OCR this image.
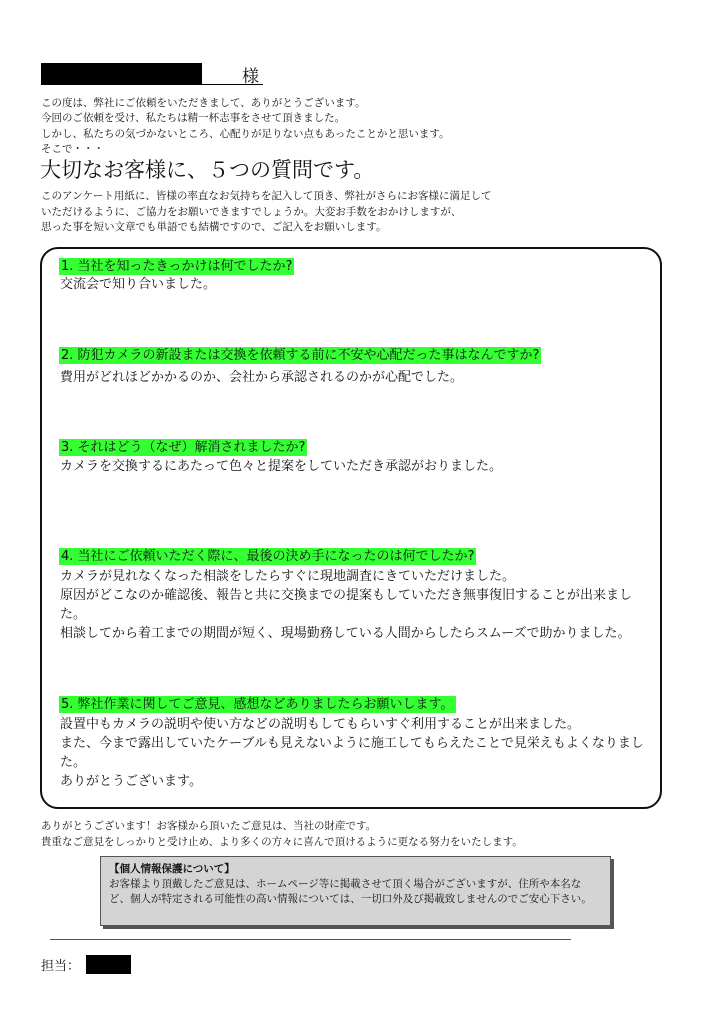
様
この度は、弊社にご依頼をいただきまして、ありがとうございます。
今回のご依頼を受け、私たちは精一杯志事をさせて頂きました。
しかし、私たちの気づかないところ、心配りが足りない点もあったことかと思います。
そこで・・・
大切なお客様に、５つの質問です。
このアンケート用紙に、皆様の率直なお気持ちを記入して頂き、弊社がさらにお客様に満足して
いただけるように、ご協力をお願いできますでしょうか。大変お手数をおかけしますが、
思った事を短い文章でも単語でも結構ですので、ご記入をお願いします。
1. 当社を知ったきっかけは何でしたか?
交流会で知り合いました。
2. 防犯カメラの新設または交換を依頼する前に不安や心配だった事はなんですか?
費用がどれほどかかるのか、会社から承認されるのかが心配でした。
3. それはどう（なぜ）解消されましたか?
カメラを交換するにあたって色々と提案をしていただき承認がおりました。
4. 当社にご依頼いただく際に、最後の決め手になったのは何でしたか?
カメラが見れなくなった相談をしたらすぐに現地調査にきていただけました。
原因がどこなのか確認後、報告と共に交換までの提案もしていただき無事復旧することが出来ました。
相談してから着工までの期間が短く、現場勤務している人間からしたらスムーズで助かりました。
5. 弊社作業に関してご意見、感想などありましたらお願いします。
設置中もカメラの説明や使い方などの説明もしてもらいすぐ利用することが出来ました。
また、今まで露出していたケーブルも見えないように施工してもらえたことで見栄えもよくなりました。
ありがとうございます。
ありがとうございます！お客様から頂いたご意見は、当社の財産です。
貴重なご意見をしっかりと受け止め、より多くの方々に喜んで頂けるように更なる努力をいたします。
【個人情報保護について】
お客様より頂戴したご意見は、ホームページ等に掲載させて頂く場合がございますが、住所や本名など、個人が特定される可能性の高い情報については、一切口外及び掲載致しませんのでご安心下さい。
担当：
